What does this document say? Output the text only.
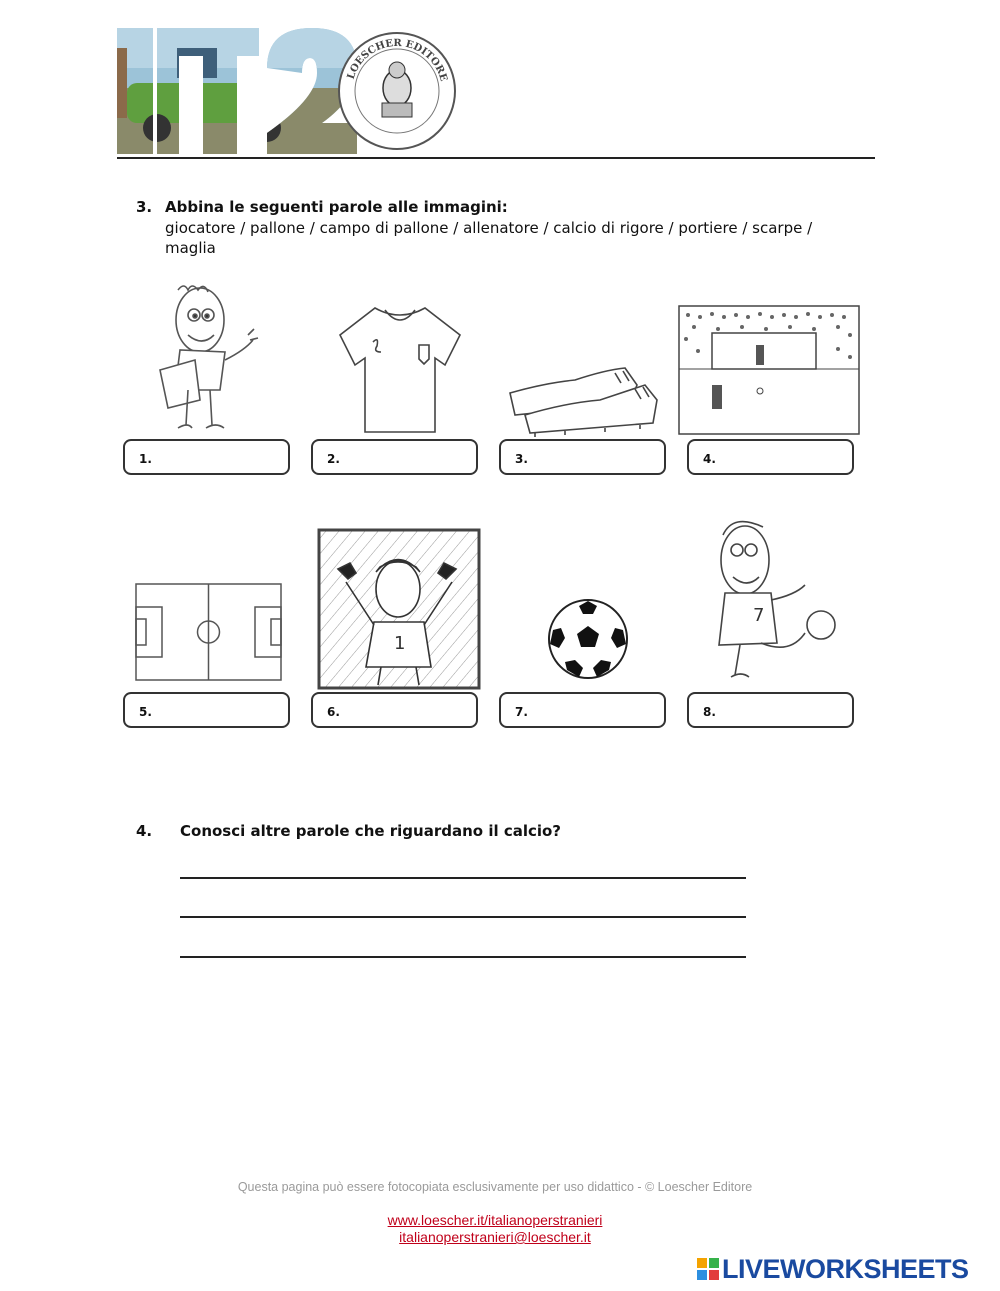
LOESCHER EDITORE
3. Abbina le seguenti parole alle immagini:
giocatore / pallone / campo di pallone / allenatore / calcio di rigore / portiere / scarpe / maglia
1.	2.	3.	4.
1
7
5.	6.	7.	8.
4. Conosci altre parole che riguardano il calcio?
Questa pagina può essere fotocopiata esclusivamente per uso didattico - © Loescher Editore
www.loescher.it/italianoperstranieri
italianoperstranieri@loescher.it
LIVEWORKSHEETS
